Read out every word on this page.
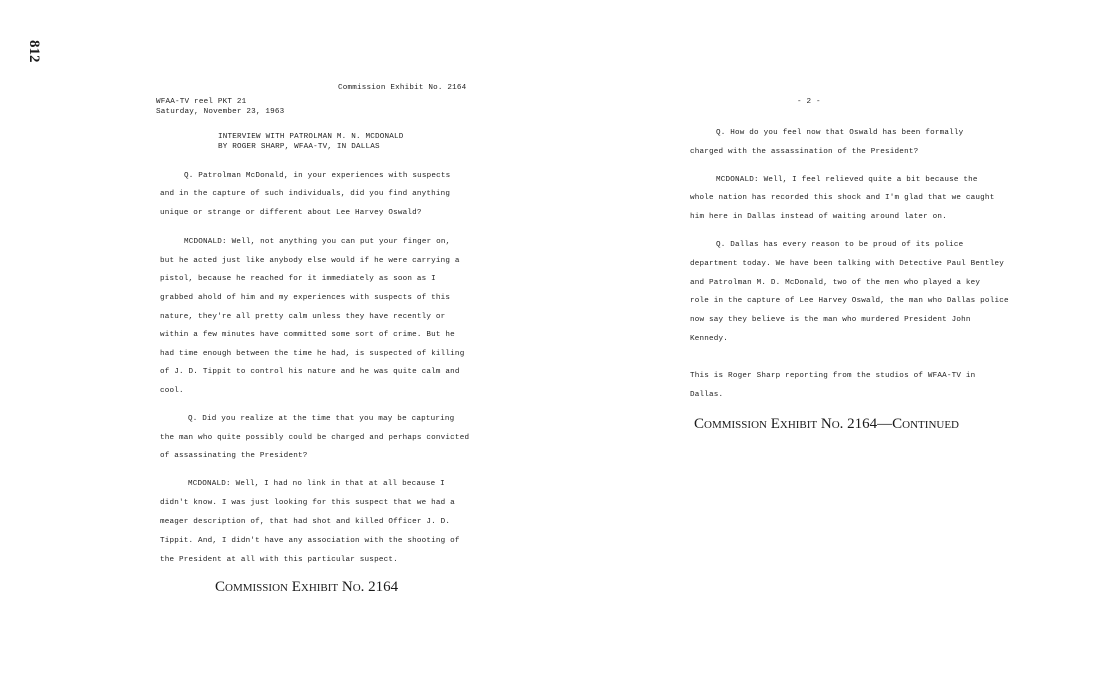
812
Commission Exhibit No. 2164
WFAA-TV reel PKT 21
Saturday, November 23, 1963
INTERVIEW WITH PATROLMAN M. N. MCDONALD
BY ROGER SHARP, WFAA-TV, IN DALLAS
Q. Patrolman McDonald, in your experiences with suspects
and in the capture of such individuals, did you find anything
unique or strange or different about Lee Harvey Oswald?
MCDONALD: Well, not anything you can put your finger on,
but he acted just like anybody else would if he were carrying a
pistol, because he reached for it immediately as soon as I
grabbed ahold of him and my experiences with suspects of this
nature, they're all pretty calm unless they have recently or
within a few minutes have committed some sort of crime. But he
had time enough between the time he had, is suspected of killing
of J. D. Tippit to control his nature and he was quite calm and
cool.
Q. Did you realize at the time that you may be capturing
the man who quite possibly could be charged and perhaps convicted
of assassinating the President?
MCDONALD: Well, I had no link in that at all because I
didn't know. I was just looking for this suspect that we had a
meager description of, that had shot and killed Officer J. D.
Tippit. And, I didn't have any association with the shooting of
the President at all with this particular suspect.
Commission Exhibit No. 2164
- 2 -
Q. How do you feel now that Oswald has been formally
charged with the assassination of the President?
MCDONALD: Well, I feel relieved quite a bit because the
whole nation has recorded this shock and I'm glad that we caught
him here in Dallas instead of waiting around later on.
Q. Dallas has every reason to be proud of its police
department today. We have been talking with Detective Paul Bentley
and Patrolman M. D. McDonald, two of the men who played a key
role in the capture of Lee Harvey Oswald, the man who Dallas police
now say they believe is the man who murdered President John
Kennedy.
This is Roger Sharp reporting from the studios of WFAA-TV in
Dallas.
Commission Exhibit No. 2164—Continued
